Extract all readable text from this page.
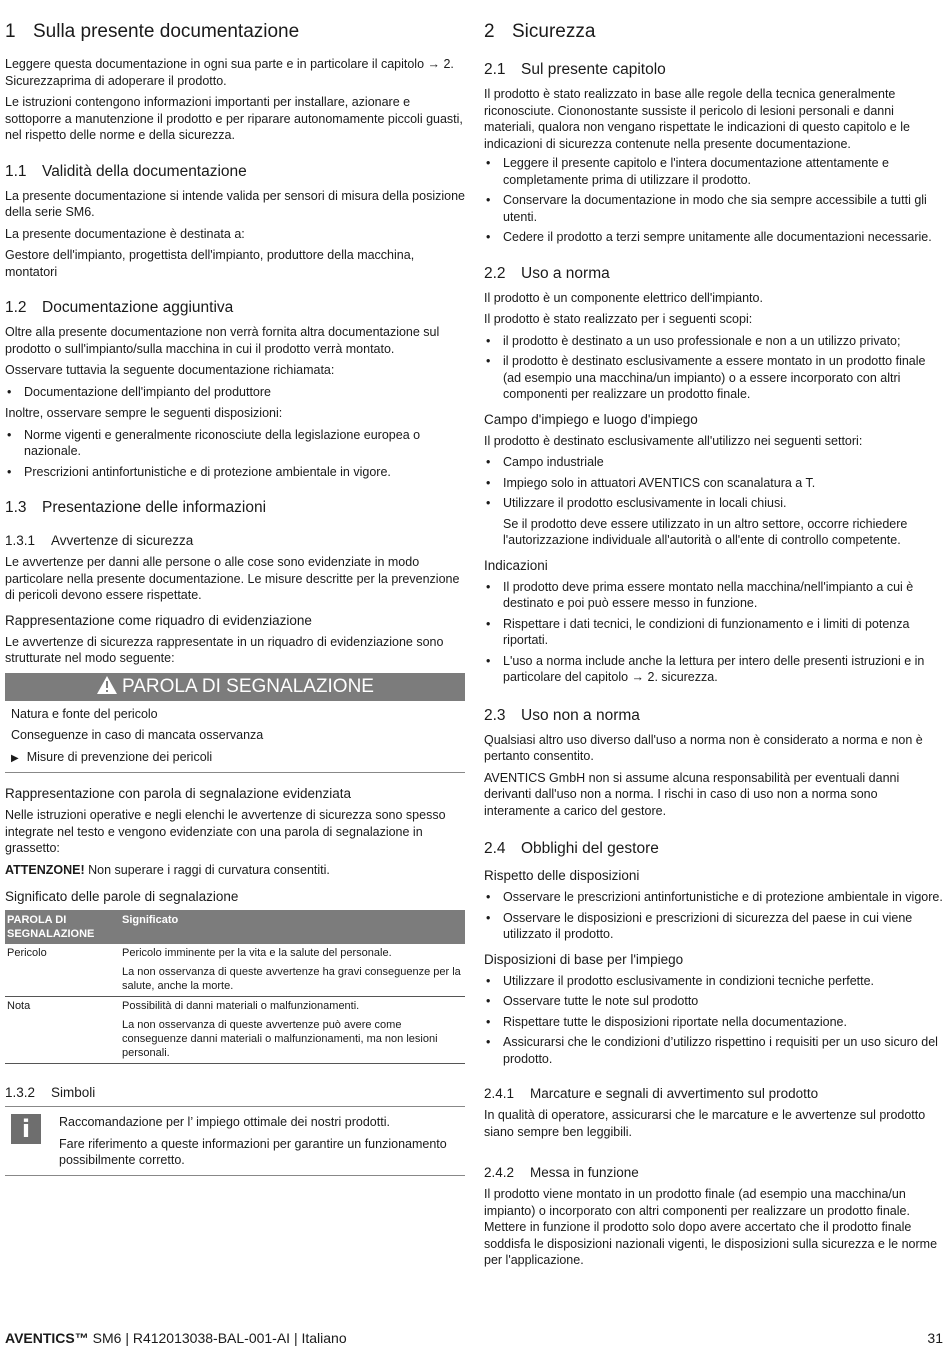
1 Sulla presente documentazione

Leggere questa documentazione in ogni sua parte e in particolare il capitolo → 2. Sicurezzaprima di adoperare il prodotto.

Le istruzioni contengono informazioni importanti per installare, azionare e sottoporre a manutenzione il prodotto e per riparare autonomamente piccoli guasti, nel rispetto delle norme e della sicurezza.

1.1 Validità della documentazione

La presente documentazione si intende valida per sensori di misura della posizione della serie SM6.

La presente documentazione è destinata a:

Gestore dell'impianto, progettista dell'impianto, produttore della macchina, montatori

1.2 Documentazione aggiuntiva

Oltre alla presente documentazione non verrà fornita altra documentazione sul prodotto o sull'impianto/sulla macchina in cui il prodotto verrà montato.

Osservare tuttavia la seguente documentazione richiamata:

• Documentazione dell'impianto del produttore

Inoltre, osservare sempre le seguenti disposizioni:

• Norme vigenti e generalmente riconosciute della legislazione europea o nazionale.
• Prescrizioni antinfortunistiche e di protezione ambientale in vigore.
1.3 Presentazione delle informazioni
1.3.1 Avvertenze di sicurezza

Le avvertenze per danni alle persone o alle cose sono evidenziate in modo particolare nella presente documentazione. Le misure descritte per la prevenzione di pericoli devono essere rispettate.

Rappresentazione come riquadro di evidenziazione

Le avvertenze di sicurezza rappresentate in un riquadro di evidenziazione sono strutturate nel modo seguente:

PAROLA DI SEGNALAZIONE
Natura e fonte del pericolo
Conseguenze in caso di mancata osservanza
▶ Misure di prevenzione dei pericoli
Rappresentazione con parola di segnalazione evidenziata

Nelle istruzioni operative e negli elenchi le avvertenze di sicurezza sono spesso integrate nel testo e vengono evidenziate con una parola di segnalazione in grassetto:

ATTENZONE! Non superare i raggi di curvatura consentiti.

Significato delle parole di segnalazione
PAROLA DI SEGNALAZIONE	Significato
Pericolo	Pericolo imminente per la vita e la salute del personale.
	La non osservanza di queste avvertenze ha gravi conseguenze per la salute, anche la morte.
Nota	Possibilità di danni materiali o malfunzionamenti.
	La non osservanza di queste avvertenze può avere come conseguenze danni materiali o malfunzionamenti, ma non lesioni personali.
1.3.2 Simboli
i	Raccomandazione per l’ impiego ottimale dei nostri prodotti.

Fare riferimento a queste informazioni per garantire un funzionamento possibilmente corretto.

2 Sicurezza
2.1 Sul presente capitolo

Il prodotto è stato realizzato in base alle regole della tecnica generalmente riconosciute. Ciononostante sussiste il pericolo di lesioni personali e danni materiali, qualora non vengano rispettate le indicazioni di questo capitolo e le indicazioni di sicurezza contenute nella presente documentazione.

• Leggere il presente capitolo e l'intera documentazione attentamente e completamente prima di utilizzare il prodotto.
• Conservare la documentazione in modo che sia sempre accessibile a tutti gli utenti.
• Cedere il prodotto a terzi sempre unitamente alle documentazioni necessarie.
2.2 Uso a norma

Il prodotto è un componente elettrico dell'impianto.

Il prodotto è stato realizzato per i seguenti scopi:

• il prodotto è destinato a un uso professionale e non a un utilizzo privato;
• il prodotto è destinato esclusivamente a essere montato in un prodotto finale (ad esempio una macchina/un impianto) o a essere incorporato con altri componenti per realizzare un prodotto finale.
Campo d'impiego e luogo d'impiego

Il prodotto è destinato esclusivamente all'utilizzo nei seguenti settori:

• Campo industriale
• Impiego solo in attuatori AVENTICS con scanalatura a T.
• Utilizzare il prodotto esclusivamente in locali chiusi.

Se il prodotto deve essere utilizzato in un altro settore, occorre richiedere l'autorizzazione individuale all'autorità o all'ente di controllo competente.

Indicazioni
• Il prodotto deve prima essere montato nella macchina/nell'impianto a cui è destinato e poi può essere messo in funzione.
• Rispettare i dati tecnici, le condizioni di funzionamento e i limiti di potenza riportati.
• L'uso a norma include anche la lettura per intero delle presenti istruzioni e in particolare del capitolo → 2. sicurezza.
2.3 Uso non a norma

Qualsiasi altro uso diverso dall'uso a norma non è considerato a norma e non è pertanto consentito.

AVENTICS GmbH non si assume alcuna responsabilità per eventuali danni derivanti dall'uso non a norma. I rischi in caso di uso non a norma sono interamente a carico del gestore.

2.4 Obblighi del gestore
Rispetto delle disposizioni
• Osservare le prescrizioni antinfortunistiche e di protezione ambientale in vigore.
• Osservare le disposizioni e prescrizioni di sicurezza del paese in cui viene utilizzato il prodotto.
Disposizioni di base per l'impiego
• Utilizzare il prodotto esclusivamente in condizioni tecniche perfette.
• Osservare tutte le note sul prodotto
• Rispettare tutte le disposizioni riportate nella documentazione.
• Assicurarsi che le condizioni d’utilizzo rispettino i requisiti per un uso sicuro del prodotto.
2.4.1 Marcature e segnali di avvertimento sul prodotto

In qualità di operatore, assicurarsi che le marcature e le avvertenze sul prodotto siano sempre ben leggibili.

2.4.2 Messa in funzione

Il prodotto viene montato in un prodotto finale (ad esempio una macchina/un impianto) o incorporato con altri componenti per realizzare un prodotto finale. Mettere in funzione il prodotto solo dopo avere accertato che il prodotto finale soddisfa le disposizioni nazionali vigenti, le disposizioni sulla sicurezza e le norme per l'applicazione.

AVENTICS™ SM6 | R412013038-BAL-001-AI | Italiano	31
